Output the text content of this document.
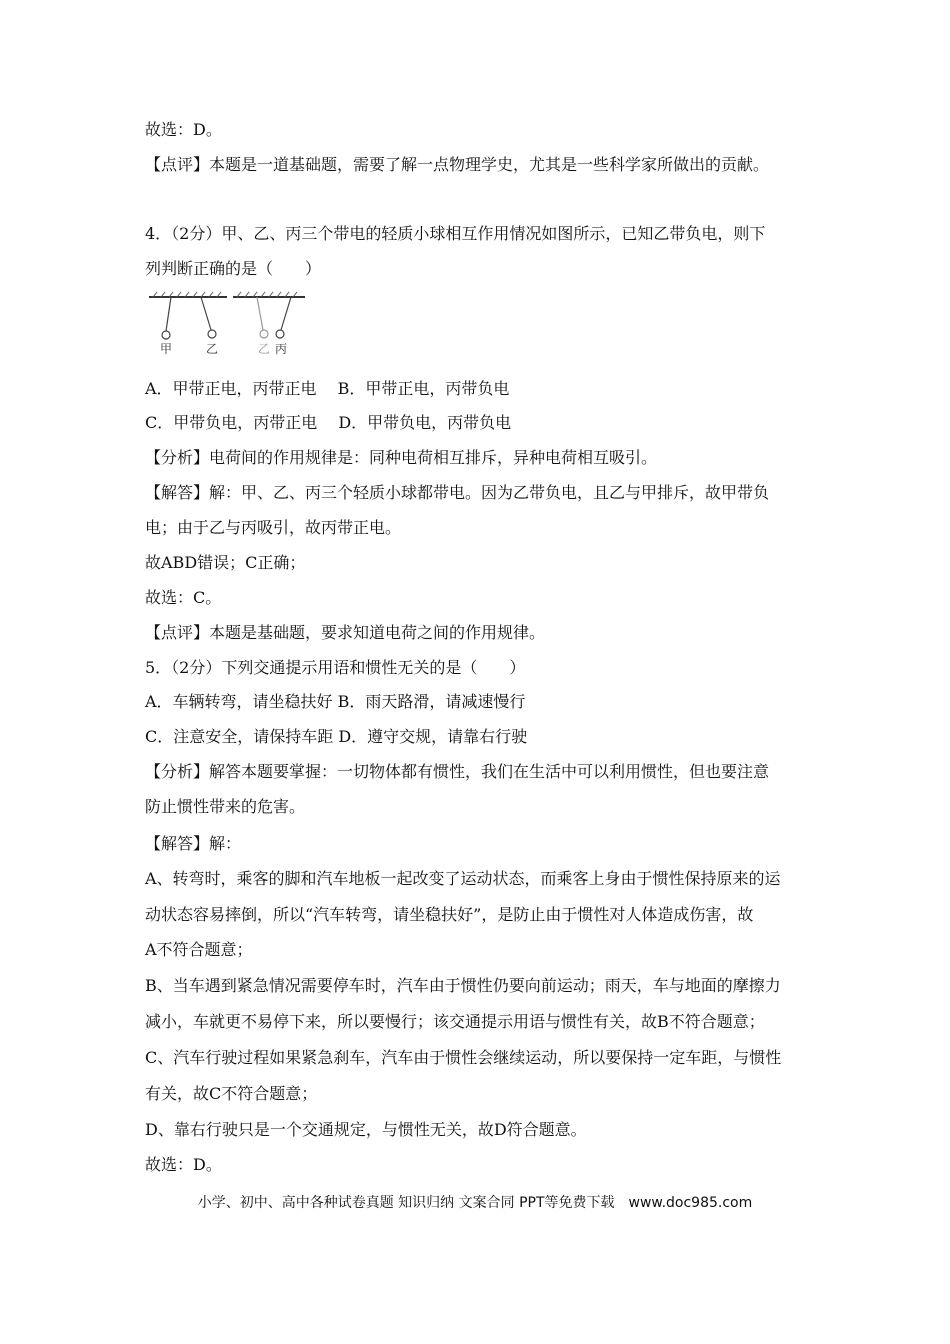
故选：D。
【点评】本题是一道基础题，需要了解一点物理学史，尤其是一些科学家所做出的贡献。
4．（2分）甲、乙、丙三个带电的轻质小球相互作用情况如图所示，已知乙带负电，则下
列判断正确的是（　　）
甲	乙	乙 丙
A．甲带正电，丙带正电　 B．甲带正电，丙带负电
C．甲带负电，丙带正电　 D．甲带负电，丙带负电
【分析】电荷间的作用规律是：同种电荷相互排斥，异种电荷相互吸引。
【解答】解：甲、乙、丙三个轻质小球都带电。因为乙带负电，且乙与甲排斥，故甲带负
电；由于乙与丙吸引，故丙带正电。
故ABD错误；C正确；
故选：C。
【点评】本题是基础题，要求知道电荷之间的作用规律。
5．（2分）下列交通提示用语和惯性无关的是（　　）
A．车辆转弯，请坐稳扶好 B．雨天路滑，请减速慢行
C．注意安全，请保持车距 D．遵守交规，请靠右行驶
【分析】解答本题要掌握：一切物体都有惯性，我们在生活中可以利用惯性，但也要注意
防止惯性带来的危害。
【解答】解：
A、转弯时，乘客的脚和汽车地板一起改变了运动状态，而乘客上身由于惯性保持原来的运
动状态容易摔倒，所以“汽车转弯，请坐稳扶好”，是防止由于惯性对人体造成伤害，故
A不符合题意；
B、当车遇到紧急情况需要停车时，汽车由于惯性仍要向前运动；雨天，车与地面的摩擦力
减小，车就更不易停下来，所以要慢行；该交通提示用语与惯性有关，故B不符合题意；
C、汽车行驶过程如果紧急刹车，汽车由于惯性会继续运动，所以要保持一定车距，与惯性
有关，故C不符合题意；
D、靠右行驶只是一个交通规定，与惯性无关，故D符合题意。
故选：D。
小学、初中、高中各种试卷真题 知识归纳 文案合同 PPT等免费下载　www.doc985.com
